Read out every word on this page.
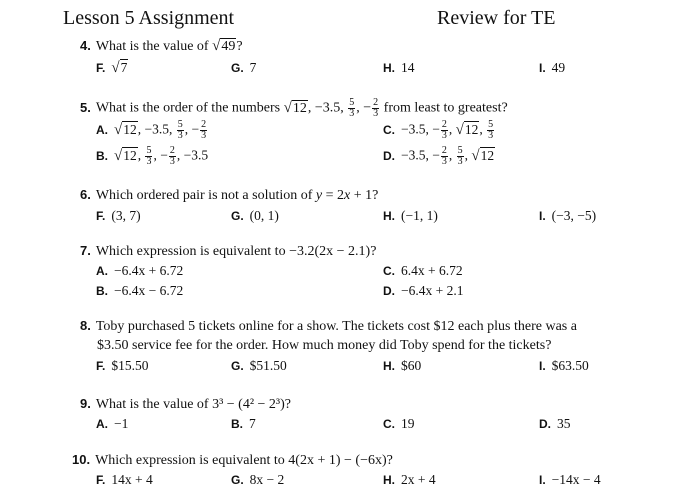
Lesson 5 Assignment	Review for TE
4. What is the value of √49?
F. √7	G. 7	H. 14	I. 49
5. What is the order of the numbers √12, −3.5, $\frac{5}{3}$ , − $\frac{2}{3}$ from least to greatest?
A. √12, −3.5, $\frac{5}{3}$ , − $\frac{2}{3}$
B. √12, $\frac{5}{3}$ , − $\frac{2}{3}$ , −3.5
C. −3.5, − $\frac{2}{3}$ , √12, $\frac{5}{3}$
D. −3.5, − $\frac{2}{3}$ , $\frac{5}{3}$ , √12
6. Which ordered pair is not a solution of y = 2x + 1?
F. (3, 7)	G. (0, 1)	H. (−1, 1)	I. (−3, −5)
7. Which expression is equivalent to −3.2(2x − 2.1)?
A. −6.4x + 6.72
B. −6.4x − 6.72
C. 6.4x + 6.72
D. −6.4x + 2.1
8. Toby purchased 5 tickets online for a show. The tickets cost $12 each plus there was a
$3.50 service fee for the order. How much money did Toby spend for the tickets?
F. $15.50	G. $51.50	H. $60	I. $63.50
9. What is the value of 3³ − (4² − 2³)?
A. −1	B. 7	C. 19	D. 35
10. Which expression is equivalent to 4(2x + 1) − (−6x)?
F. 14x + 4	G. 8x − 2	H. 2x + 4	I. −14x − 4
